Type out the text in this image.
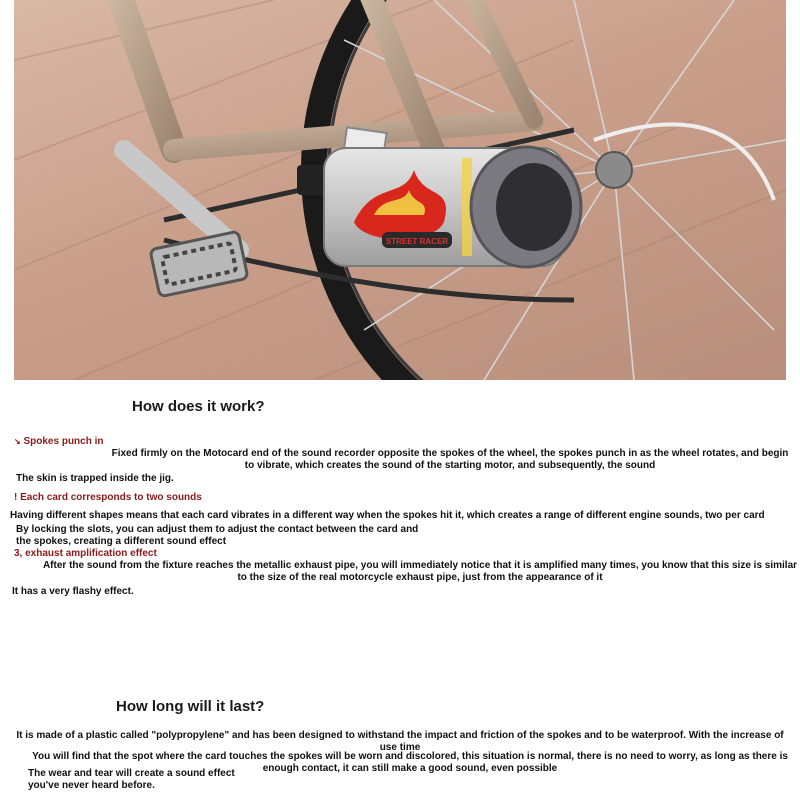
STREET RACER
How does it work?
↘ Spokes punch in
Fixed firmly on the Motocard end of the sound recorder opposite the spokes of the wheel, the spokes punch in as the wheel rotates, and begin to vibrate, which creates the sound of the starting motor, and subsequently, the sound
The skin is trapped inside the jig.
! Each card corresponds to two sounds
Having different shapes means that each card vibrates in a different way when the spokes hit it, which creates a range of different engine sounds, two per card
By locking the slots, you can adjust them to adjust the contact between the card and the spokes, creating a different sound effect
3, exhaust amplification effect
After the sound from the fixture reaches the metallic exhaust pipe, you will immediately notice that it is amplified many times, you know that this size is similar to the size of the real motorcycle exhaust pipe, just from the appearance of it
It has a very flashy effect.
How long will it last?
It is made of a plastic called "polypropylene" and has been designed to withstand the impact and friction of the spokes and to be waterproof. With the increase of use time
You will find that the spot where the card touches the spokes will be worn and discolored, this situation is normal, there is no need to worry, as long as there is enough contact, it can still make a good sound, even possible
The wear and tear will create a sound effect you've never heard before.
